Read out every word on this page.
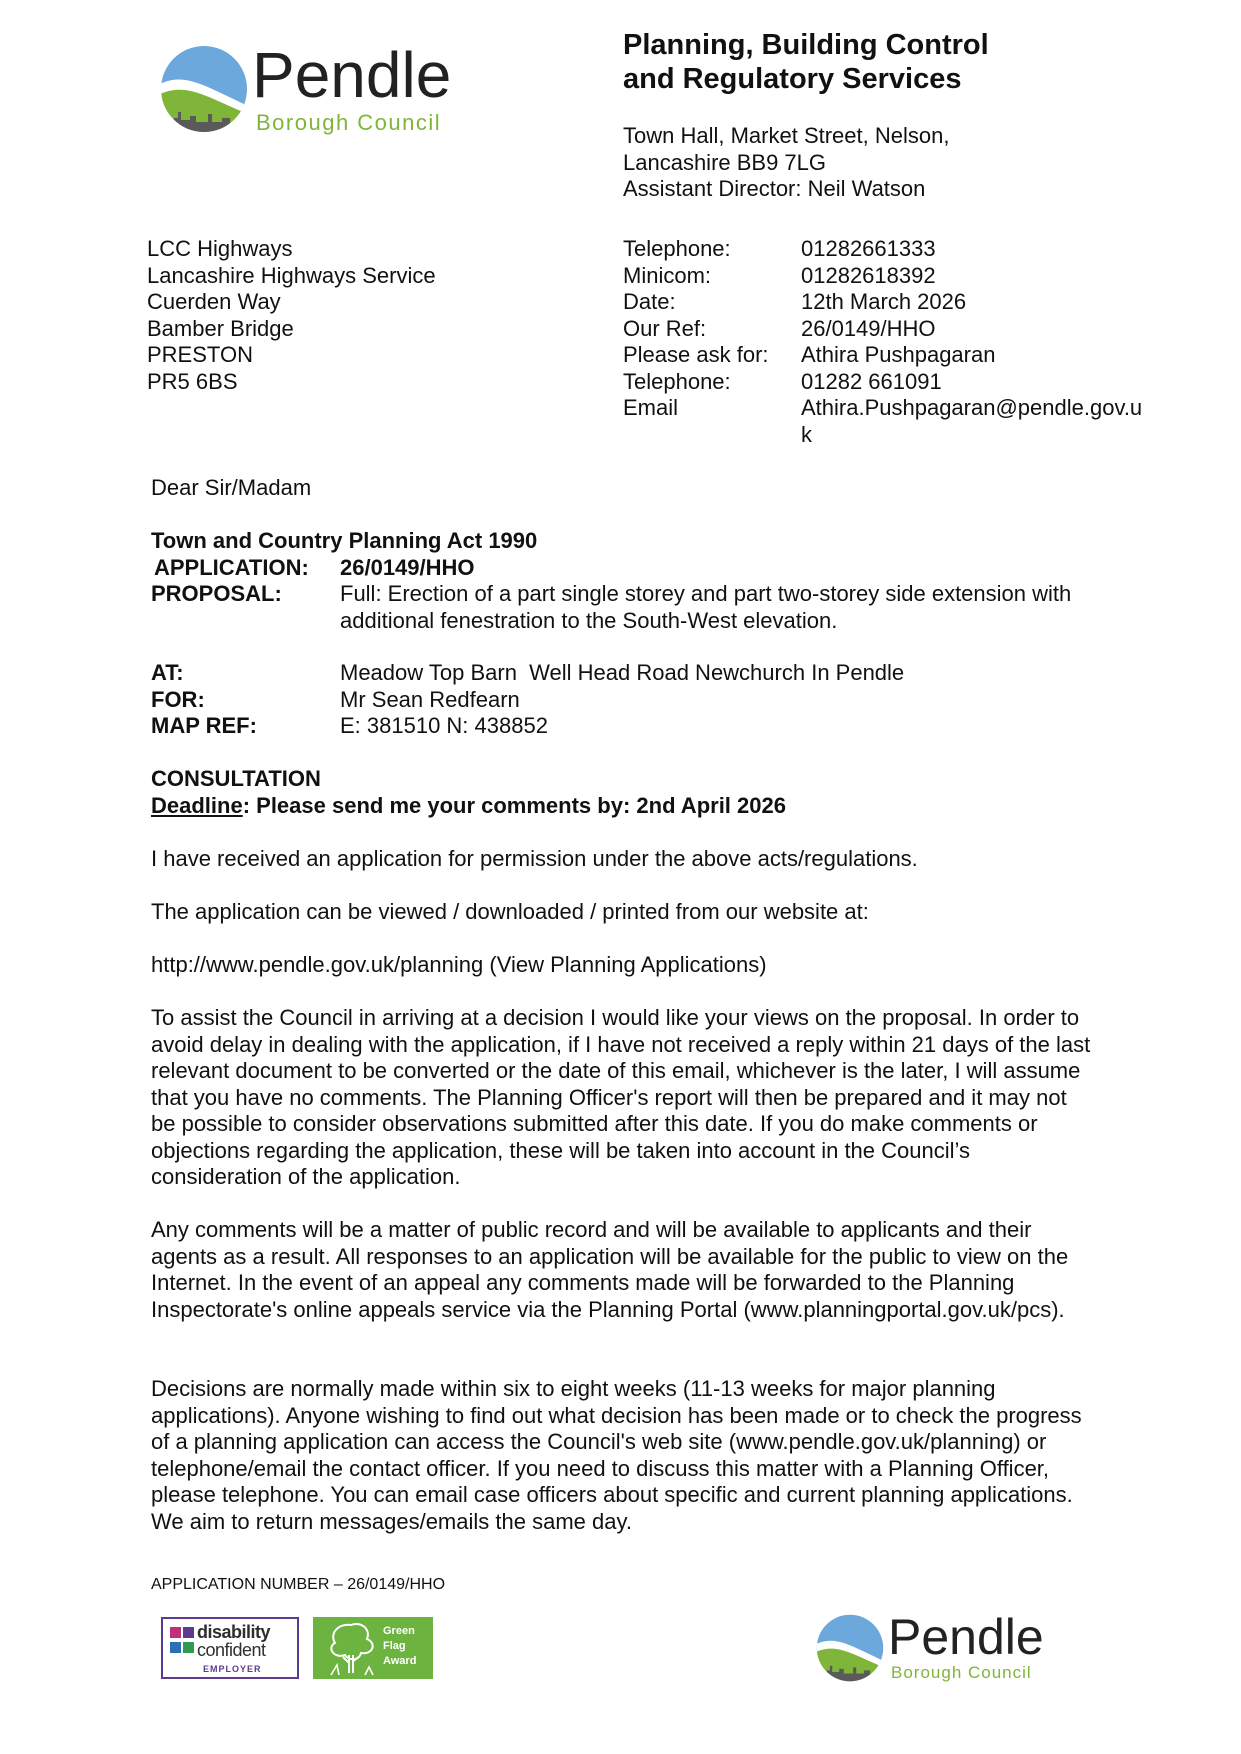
Pendle
Borough Council
Planning, Building Control
and Regulatory Services
Town Hall, Market Street, Nelson,
Lancashire BB9 7LG
Assistant Director: Neil Watson
LCC Highways
Lancashire Highways Service
Cuerden Way
Bamber Bridge
PRESTON
PR5 6BS
Telephone:	01282661333
Minicom:	01282618392
Date:	12th March 2026
Our Ref:	26/0149/HHO
Please ask for:	Athira Pushpagaran
Telephone:	01282 661091
Email	Athira.Pushpagaran@pendle.gov.uk
Dear Sir/Madam
Town and Country Planning Act 1990
APPLICATION:	26/0149/HHO
PROPOSAL:	Full: Erection of a part single storey and part two-storey side extension with additional fenestration to the South-West elevation.
AT:	Meadow Top Barn  Well Head Road Newchurch In Pendle
FOR:	Mr Sean Redfearn
MAP REF:	E: 381510 N: 438852
CONSULTATION
Deadline: Please send me your comments by: 2nd April 2026
I have received an application for permission under the above acts/regulations.
The application can be viewed / downloaded / printed from our website at:
http://www.pendle.gov.uk/planning (View Planning Applications)
To assist the Council in arriving at a decision I would like your views on the proposal. In order to avoid delay in dealing with the application, if I have not received a reply within 21 days of the last relevant document to be converted or the date of this email, whichever is the later, I will assume that you have no comments. The Planning Officer's report will then be prepared and it may not be possible to consider observations submitted after this date. If you do make comments or objections regarding the application, these will be taken into account in the Council’s consideration of the application.
Any comments will be a matter of public record and will be available to applicants and their agents as a result. All responses to an application will be available for the public to view on the Internet. In the event of an appeal any comments made will be forwarded to the Planning Inspectorate's online appeals service via the Planning Portal (www.planningportal.gov.uk/pcs).
Decisions are normally made within six to eight weeks (11-13 weeks for major planning applications). Anyone wishing to find out what decision has been made or to check the progress of a planning application can access the Council's web site (www.pendle.gov.uk/planning) or telephone/email the contact officer. If you need to discuss this matter with a Planning Officer, please telephone. You can email case officers about specific and current planning applications. We aim to return messages/emails the same day.
APPLICATION NUMBER – 26/0149/HHO
disability
confident
EMPLOYER
Green
Flag
Award	Pendle
Borough Council
